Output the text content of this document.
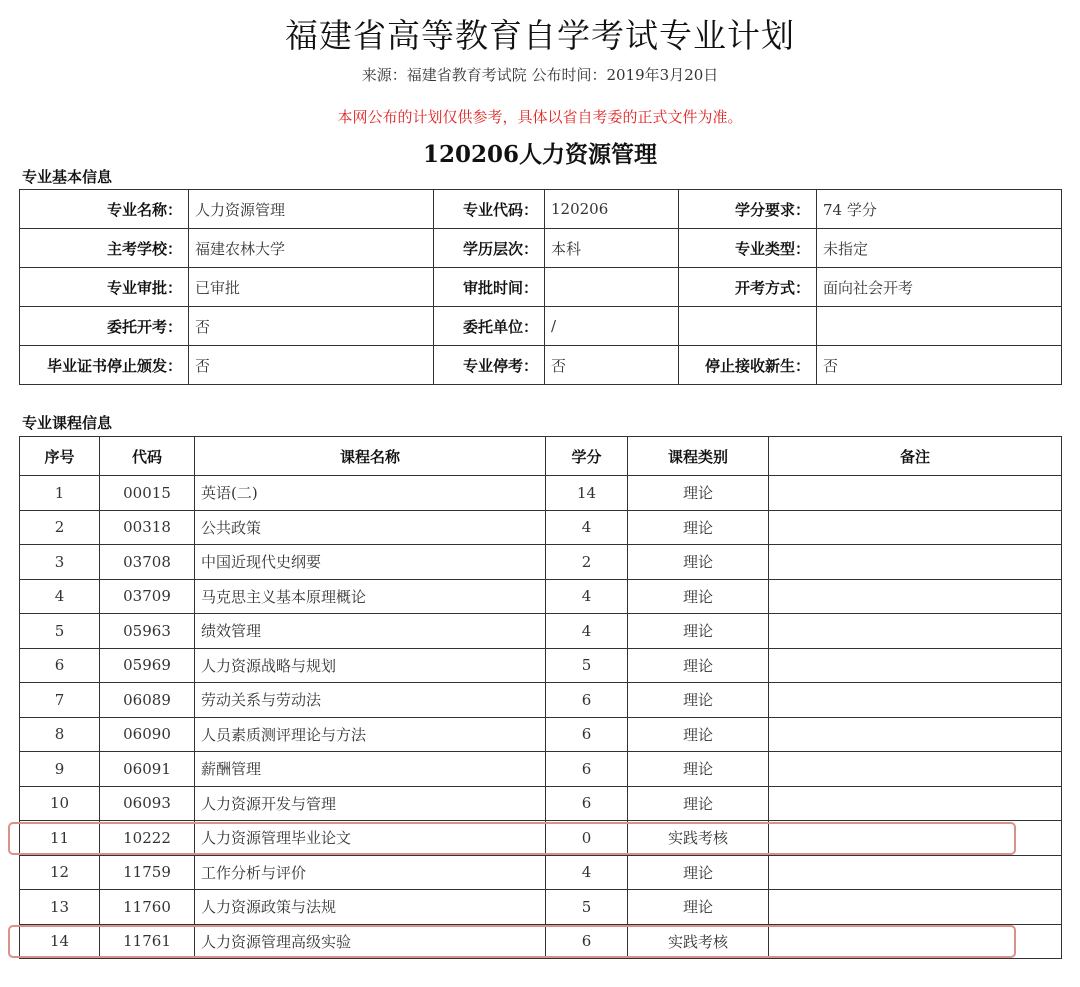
福建省高等教育自学考试专业计划
来源：福建省教育考试院 公布时间：2019年3月20日
本网公布的计划仅供参考，具体以省自考委的正式文件为准。
120206人力资源管理
专业基本信息
专业名称：	人力资源管理	专业代码：	120206	学分要求：	74 学分
主考学校：	福建农林大学	学历层次：	本科	专业类型：	未指定
专业审批：	已审批	审批时间：		开考方式：	面向社会开考
委托开考：	否	委托单位：	/		
毕业证书停止颁发：	否	专业停考：	否	停止接收新生：	否
专业课程信息
序号	代码	课程名称	学分	课程类别	备注
1	00015	英语(二)	14	理论	
2	00318	公共政策	4	理论	
3	03708	中国近现代史纲要	2	理论	
4	03709	马克思主义基本原理概论	4	理论	
5	05963	绩效管理	4	理论	
6	05969	人力资源战略与规划	5	理论	
7	06089	劳动关系与劳动法	6	理论	
8	06090	人员素质测评理论与方法	6	理论	
9	06091	薪酬管理	6	理论	
10	06093	人力资源开发与管理	6	理论	
11	10222	人力资源管理毕业论文	0	实践考核	
12	11759	工作分析与评价	4	理论	
13	11760	人力资源政策与法规	5	理论	
14	11761	人力资源管理高级实验	6	实践考核	
